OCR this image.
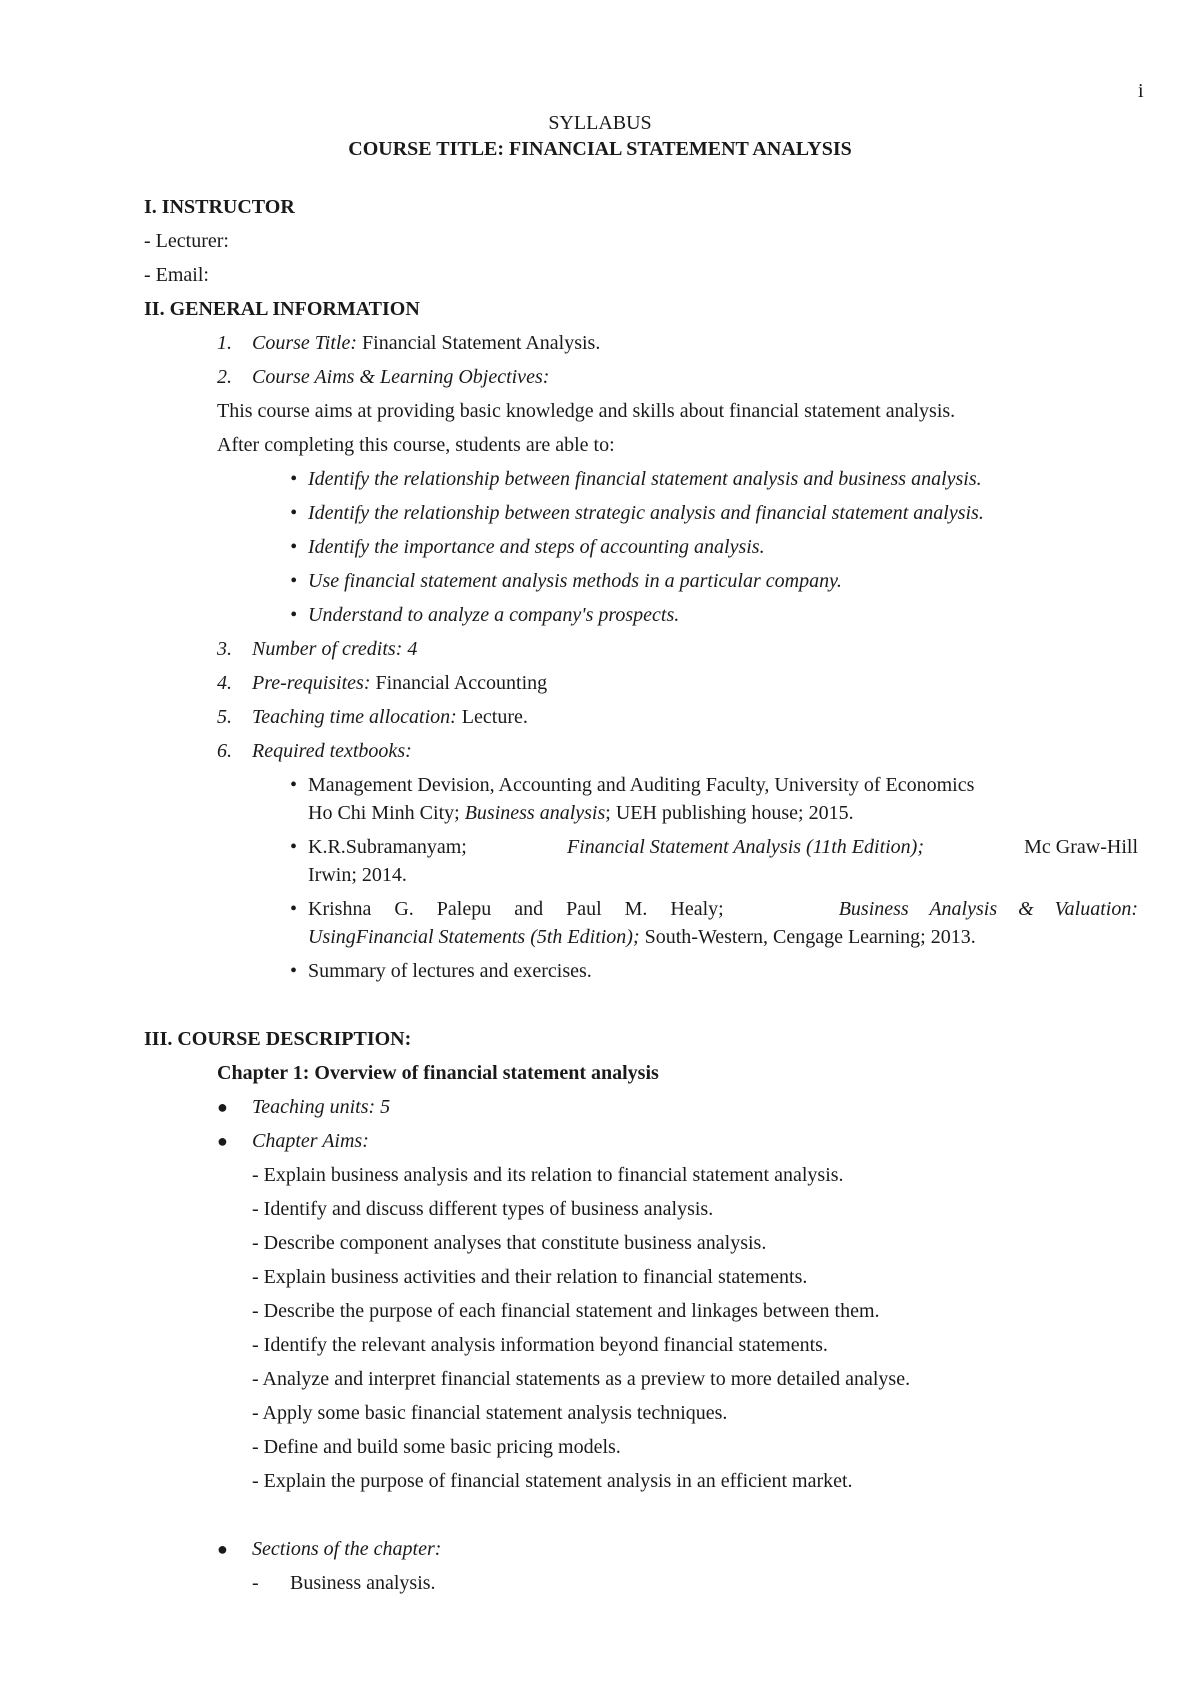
i
SYLLABUS
COURSE TITLE: FINANCIAL STATEMENT ANALYSIS
I. INSTRUCTOR
- Lecturer:
- Email:
II. GENERAL INFORMATION
1. Course Title: Financial Statement Analysis.
2. Course Aims & Learning Objectives:
This course aims at providing basic knowledge and skills about financial statement analysis.
After completing this course, students are able to:
• Identify the relationship between financial statement analysis and business analysis.
• Identify the relationship between strategic analysis and financial statement analysis.
• Identify the importance and steps of accounting analysis.
• Use financial statement analysis methods in a particular company.
• Understand to analyze a company's prospects.
3. Number of credits: 4
4. Pre-requisites: Financial Accounting
5. Teaching time allocation: Lecture.
6. Required textbooks:
• Management Devision, Accounting and Auditing Faculty, University of Economics
Ho Chi Minh City; Business analysis; UEH publishing house; 2015.
• K.R.Subramanyam;	Financial Statement Analysis (11th Edition);	Mc Graw-Hill
Irwin; 2014.
• Krishna G. Palepu and Paul M. Healy;	Business Analysis & Valuation:
UsingFinancial Statements (5th Edition); South-Western, Cengage Learning; 2013.
• Summary of lectures and exercises.
III. COURSE DESCRIPTION:
Chapter 1: Overview of financial statement analysis
● Teaching units: 5
● Chapter Aims:
- Explain business analysis and its relation to financial statement analysis.
- Identify and discuss different types of business analysis.
- Describe component analyses that constitute business analysis.
- Explain business activities and their relation to financial statements.
- Describe the purpose of each financial statement and linkages between them.
- Identify the relevant analysis information beyond financial statements.
- Analyze and interpret financial statements as a preview to more detailed analyse.
- Apply some basic financial statement analysis techniques.
- Define and build some basic pricing models.
- Explain the purpose of financial statement analysis in an efficient market.
● Sections of the chapter:
- Business analysis.
